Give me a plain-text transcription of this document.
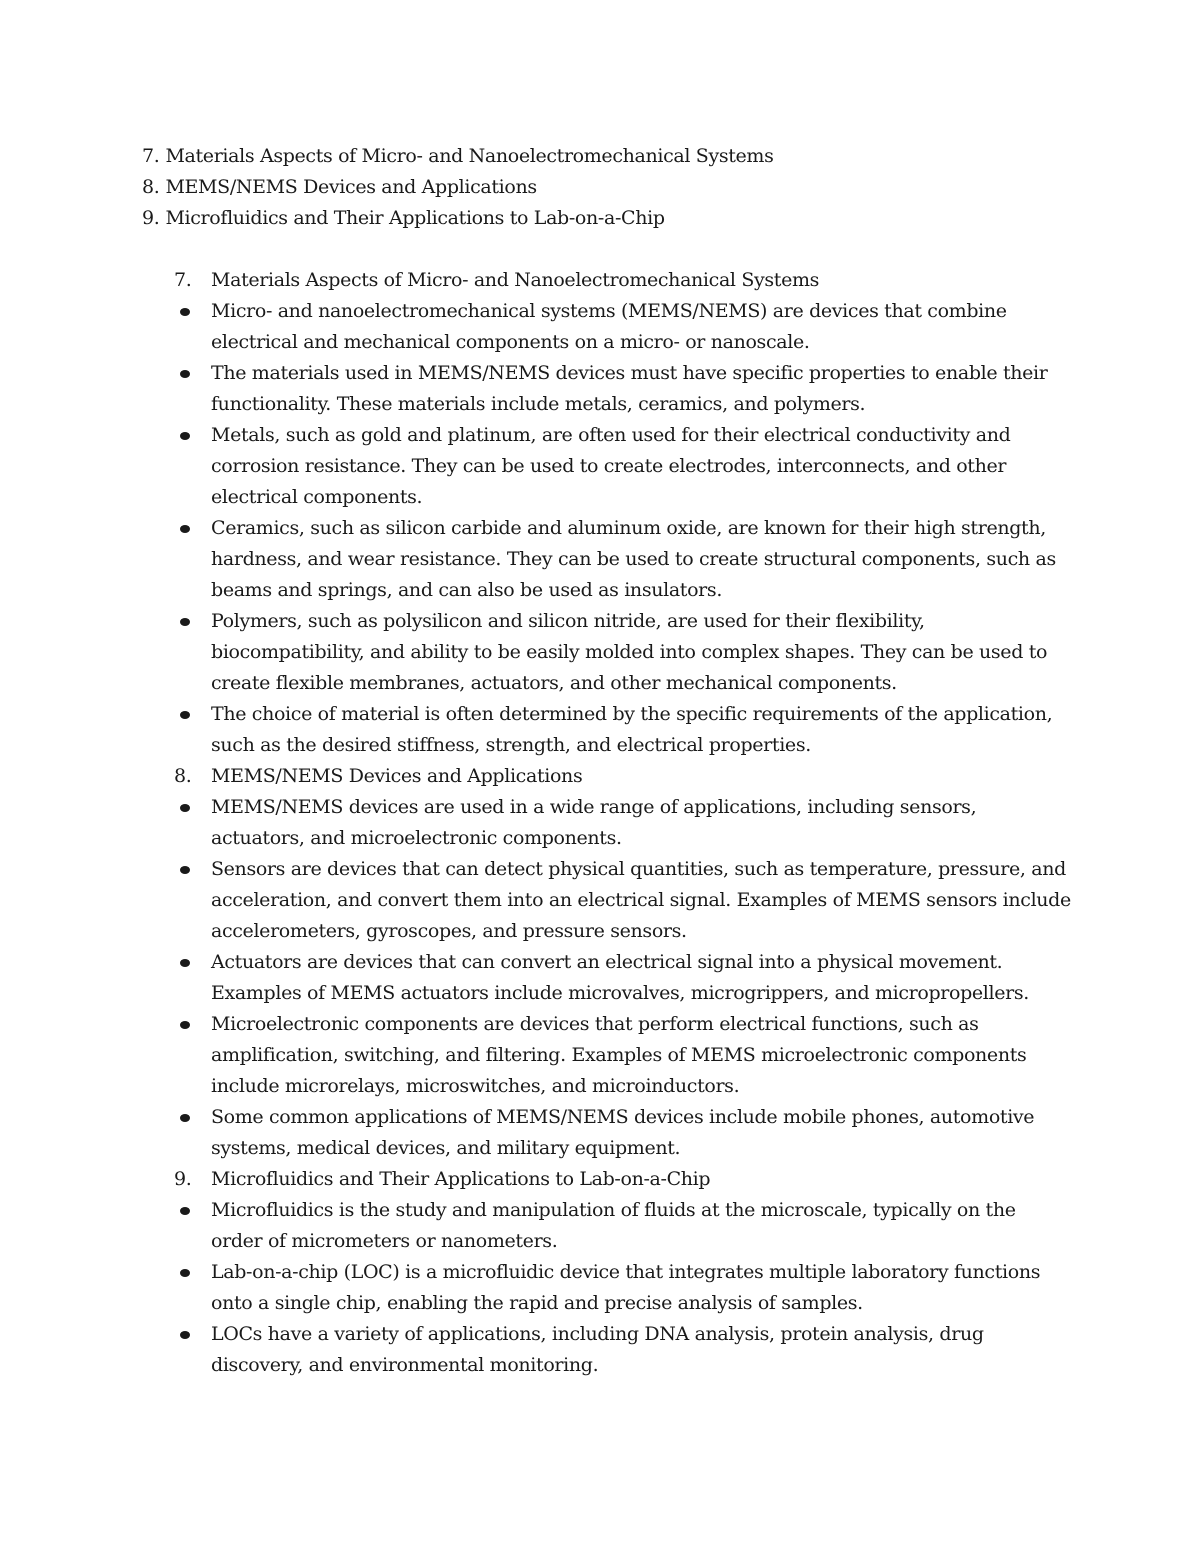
7. Materials Aspects of Micro- and Nanoelectromechanical Systems
8. MEMS/NEMS Devices and Applications
9. Microfluidics and Their Applications to Lab-on-a-Chip
7. Materials Aspects of Micro- and Nanoelectromechanical Systems
Micro- and nanoelectromechanical systems (MEMS/NEMS) are devices that combine electrical and mechanical components on a micro- or nanoscale.
The materials used in MEMS/NEMS devices must have specific properties to enable their functionality. These materials include metals, ceramics, and polymers.
Metals, such as gold and platinum, are often used for their electrical conductivity and corrosion resistance. They can be used to create electrodes, interconnects, and other electrical components.
Ceramics, such as silicon carbide and aluminum oxide, are known for their high strength, hardness, and wear resistance. They can be used to create structural components, such as beams and springs, and can also be used as insulators.
Polymers, such as polysilicon and silicon nitride, are used for their flexibility, biocompatibility, and ability to be easily molded into complex shapes. They can be used to create flexible membranes, actuators, and other mechanical components.
The choice of material is often determined by the specific requirements of the application, such as the desired stiffness, strength, and electrical properties.
8. MEMS/NEMS Devices and Applications
MEMS/NEMS devices are used in a wide range of applications, including sensors, actuators, and microelectronic components.
Sensors are devices that can detect physical quantities, such as temperature, pressure, and acceleration, and convert them into an electrical signal. Examples of MEMS sensors include accelerometers, gyroscopes, and pressure sensors.
Actuators are devices that can convert an electrical signal into a physical movement. Examples of MEMS actuators include microvalves, microgrippers, and micropropellers.
Microelectronic components are devices that perform electrical functions, such as amplification, switching, and filtering. Examples of MEMS microelectronic components include microrelays, microswitches, and microinductors.
Some common applications of MEMS/NEMS devices include mobile phones, automotive systems, medical devices, and military equipment.
9. Microfluidics and Their Applications to Lab-on-a-Chip
Microfluidics is the study and manipulation of fluids at the microscale, typically on the order of micrometers or nanometers.
Lab-on-a-chip (LOC) is a microfluidic device that integrates multiple laboratory functions onto a single chip, enabling the rapid and precise analysis of samples.
LOCs have a variety of applications, including DNA analysis, protein analysis, drug discovery, and environmental monitoring.
